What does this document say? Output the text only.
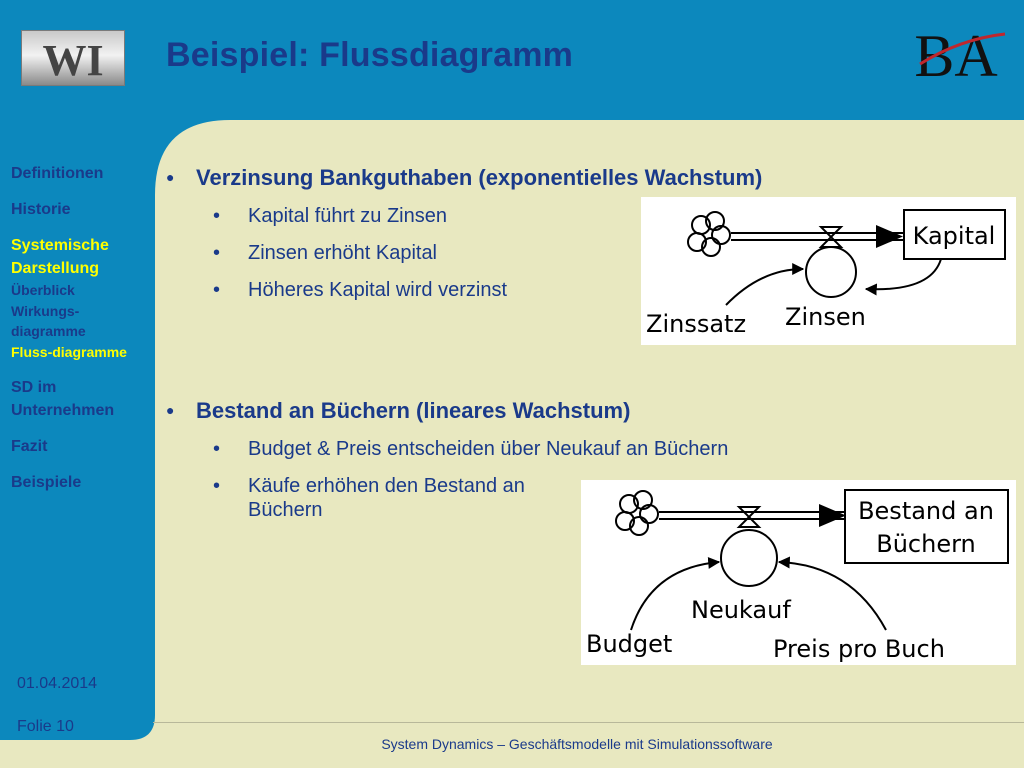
WI Beispiel: Flussdiagramm	BA
Definitionen
Historie
Systemische Darstellung
Überblick
Wirkungs-diagramme
Fluss-diagramme
SD im Unternehmen
Fazit
Beispiele
● Verzinsung Bankguthaben (exponentielles Wachstum)
• Kapital führt zu Zinsen
• Zinsen erhöht Kapital
• Höheres Kapital wird verzinst
Kapital
Zinssatz Zinsen
● Bestand an Büchern (lineares Wachstum)
• Budget & Preis entscheiden über Neukauf an Büchern
• Käufe erhöhen den Bestand an Büchern	Bestand an
Büchern
Neukauf
Budget	Preis pro Buch
01.04.2014
Folie 10
System Dynamics – Geschäftsmodelle mit Simulationssoftware
